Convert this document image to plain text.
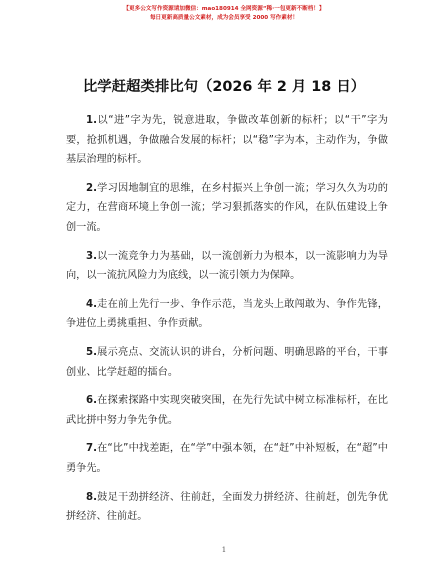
【更多公文写作资源请加微信：mao180914 全网资源“稀·一包更新不断档！】
每日更新高质量公文素材，成为会员享受 2000 写作素材！
比学赶超类排比句（2026 年 2 月 18 日）

1.以“进”字为先，锐意进取，争做改革创新的标杆；以“干”字为要，抢抓机遇，争做融合发展的标杆；以“稳”字为本，主动作为，争做基层治理的标杆。

2.学习因地制宜的思维，在乡村振兴上争创一流；学习久久为功的定力，在营商环境上争创一流；学习狠抓落实的作风，在队伍建设上争创一流。

3.以一流竞争力为基础，以一流创新力为根本，以一流影响力为导向，以一流抗风险力为底线，以一流引领力为保障。

4.走在前上先行一步、争作示范，当龙头上敢闯敢为、争作先锋，争进位上勇挑重担、争作贡献。

5.展示亮点、交流认识的讲台，分析问题、明确思路的平台，干事创业、比学赶超的擂台。

6.在探索探路中实现突破突围，在先行先试中树立标准标杆，在比武比拼中努力争先争优。

7.在“比”中找差距，在“学”中强本领，在“赶”中补短板，在“超”中勇争先。

8.鼓足干劲拼经济、往前赶，全面发力拼经济、往前赶，创先争优拼经济、往前赶。

1
